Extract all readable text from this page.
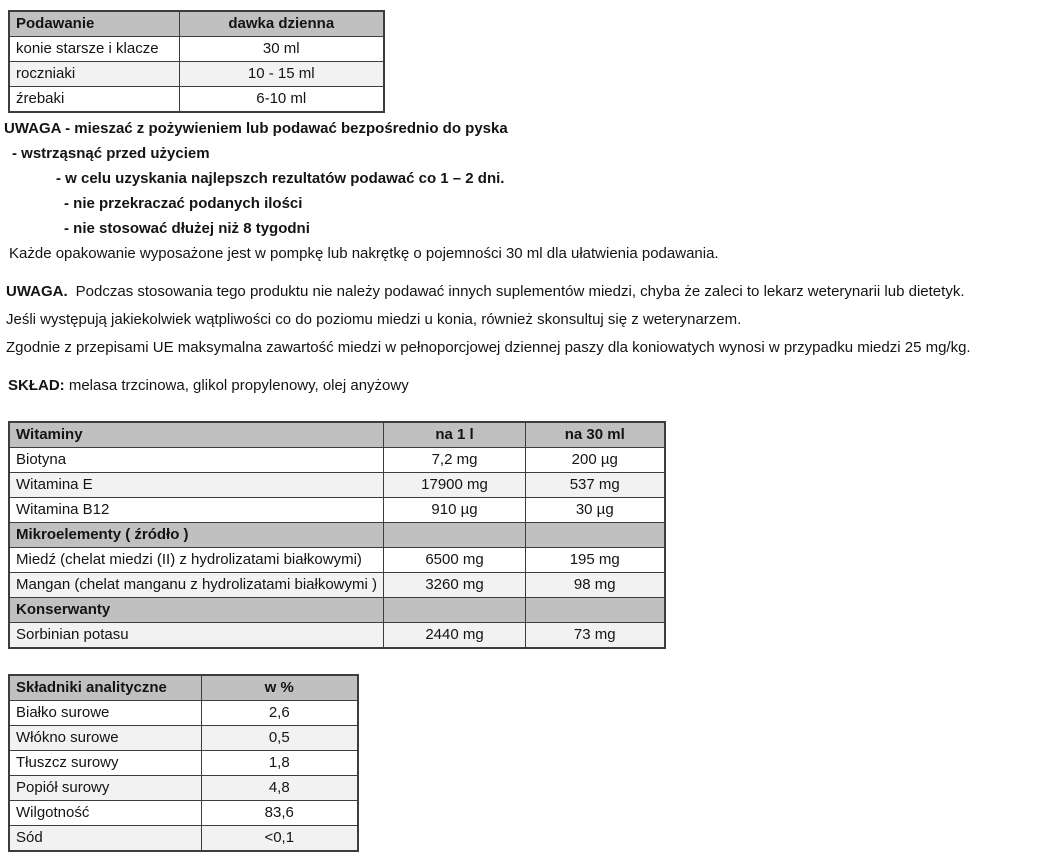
Podawanie	dawka dzienna
konie starsze i klacze	30 ml
roczniaki	10 - 15 ml
źrebaki	6-10 ml
UWAGA - mieszać z pożywieniem lub podawać bezpośrednio do pyska
- wstrząsnąć przed użyciem
- w celu uzyskania najlepszch rezultatów podawać co 1 – 2 dni.
- nie przekraczać podanych ilości
- nie stosować dłużej niż 8 tygodni
Każde opakowanie wyposażone jest w pompkę lub nakrętkę o pojemności 30 ml dla ułatwienia podawania.
UWAGA. Podczas stosowania tego produktu nie należy podawać innych suplementów miedzi, chyba że zaleci to lekarz weterynarii lub dietetyk.
Jeśli występują jakiekolwiek wątpliwości co do poziomu miedzi u konia, również skonsultuj się z weterynarzem.
Zgodnie z przepisami UE maksymalna zawartość miedzi w pełnoporcjowej dziennej paszy dla koniowatych wynosi w przypadku miedzi 25 mg/kg.
SKŁAD: melasa trzcinowa, glikol propylenowy, olej anyżowy
Witaminy	na 1 l	na 30 ml
Biotyna	7,2 mg	200 µg
Witamina E	17900 mg	537 mg
Witamina B12	910 µg	30 µg
Mikroelementy ( źródło )		
Miedź (chelat miedzi (II) z hydrolizatami białkowymi)	6500 mg	195 mg
Mangan (chelat manganu z hydrolizatami białkowymi )	3260 mg	98 mg
Konserwanty		
Sorbinian potasu	2440 mg	73 mg
Składniki analityczne	w %
Białko surowe	2,6
Włókno surowe	0,5
Tłuszcz surowy	1,8
Popiół surowy	4,8
Wilgotność	83,6
Sód	<0,1
